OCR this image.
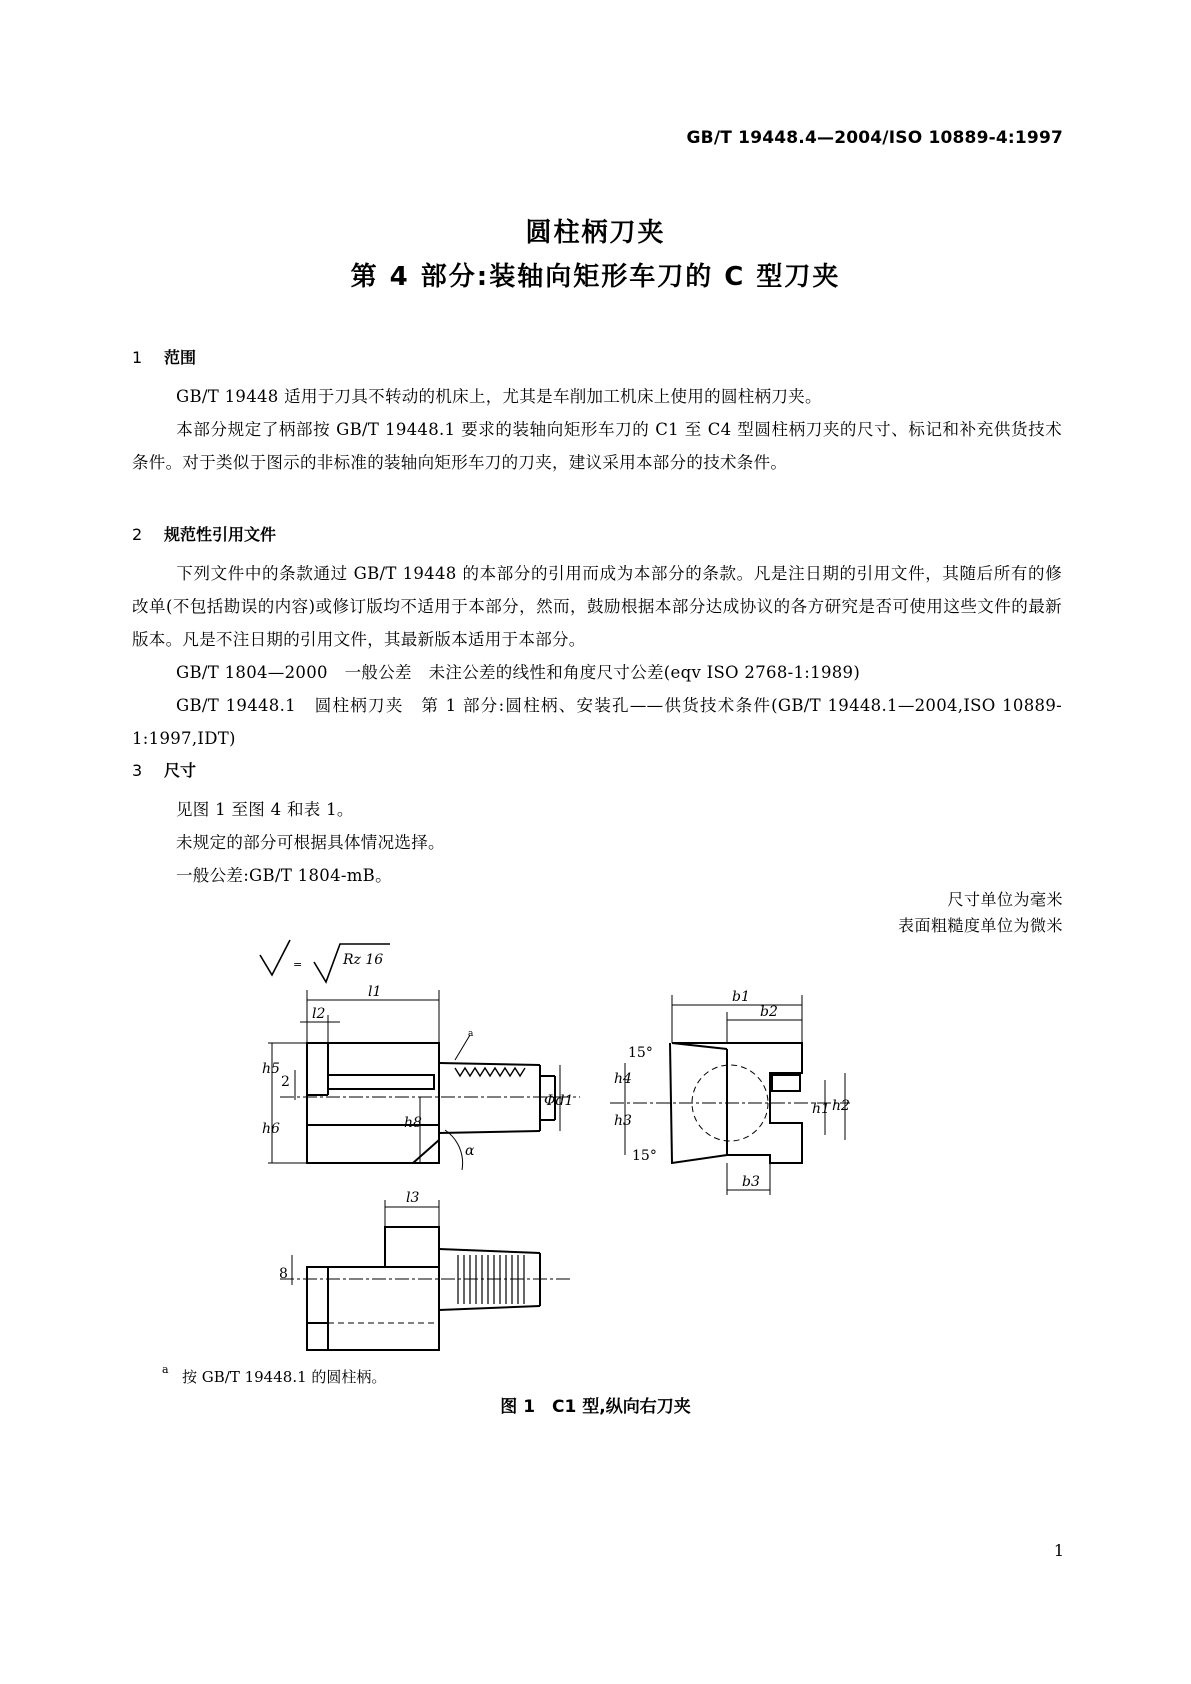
GB/T 19448.4—2004/ISO 10889-4:1997
圆柱柄刀夹
第 4 部分:装轴向矩形车刀的 C 型刀夹
1 范围
GB/T 19448 适用于刀具不转动的机床上，尤其是车削加工机床上使用的圆柱柄刀夹。
本部分规定了柄部按 GB/T 19448.1 要求的装轴向矩形车刀的 C1 至 C4 型圆柱柄刀夹的尺寸、标记和补充供货技术条件。对于类似于图示的非标准的装轴向矩形车刀的刀夹，建议采用本部分的技术条件。
2 规范性引用文件
下列文件中的条款通过 GB/T 19448 的本部分的引用而成为本部分的条款。凡是注日期的引用文件，其随后所有的修改单(不包括勘误的内容)或修订版均不适用于本部分，然而，鼓励根据本部分达成协议的各方研究是否可使用这些文件的最新版本。凡是不注日期的引用文件，其最新版本适用于本部分。
GB/T 1804—2000　一般公差　未注公差的线性和角度尺寸公差(eqv ISO 2768-1:1989)
GB/T 19448.1　圆柱柄刀夹　第 1 部分:圆柱柄、安装孔——供货技术条件(GB/T 19448.1—2004,ISO 10889-1:1997,IDT)
3 尺寸
见图 1 至图 4 和表 1。
未规定的部分可根据具体情况选择。
一般公差:GB/T 1804-mB。
尺寸单位为毫米
表面粗糙度单位为微米
=	Rz 16
l1
l2
h5
h6
2
h8
α
Φd1
a
b1
b2
b3
15°
15°
h4
h3
h1 h2
l3
8
a 按 GB/T 19448.1 的圆柱柄。
图 1　C1 型,纵向右刀夹
1
